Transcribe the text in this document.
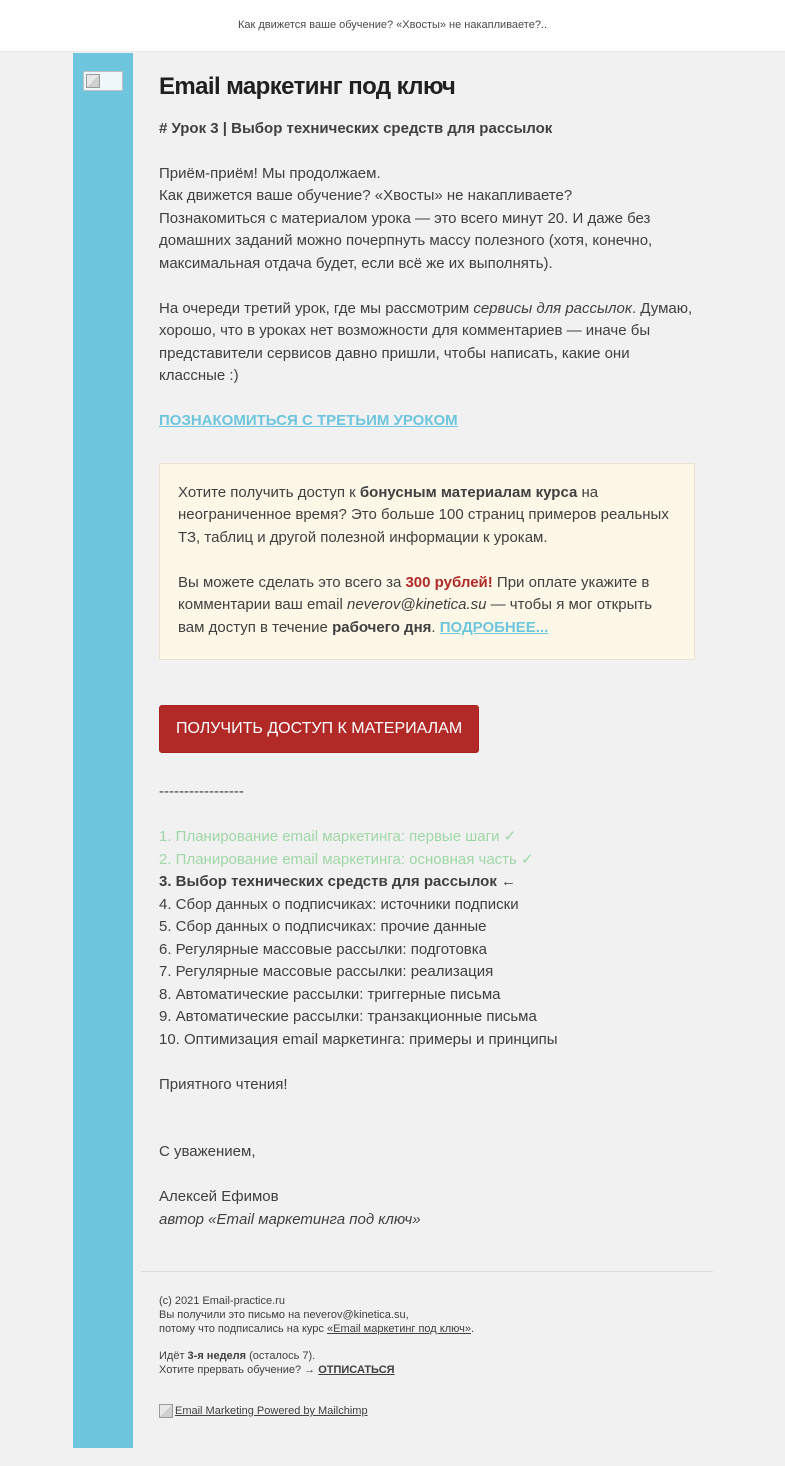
Как движется ваше обучение? «Хвосты» не накапливаете?..
Email маркетинг под ключ
# Урок 3 | Выбор технических средств для рассылок

Приём-приём! Мы продолжаем.
Как движется ваше обучение? «Хвосты» не накапливаете?
Познакомиться с материалом урока — это всего минут 20. И даже без домашних заданий можно почерпнуть массу полезного (хотя, конечно, максимальная отдача будет, если всё же их выполнять).

На очереди третий урок, где мы рассмотрим сервисы для рассылок. Думаю, хорошо, что в уроках нет возможности для комментариев — иначе бы представители сервисов давно пришли, чтобы написать, какие они классные :)

ПОЗНАКОМИТЬСЯ С ТРЕТЬИМ УРОКОМ

Хотите получить доступ к бонусным материалам курса на неограниченное время? Это больше 100 страниц примеров реальных ТЗ, таблиц и другой полезной информации к урокам.

Вы можете сделать это всего за 300 рублей! При оплате укажите в комментарии ваш email neverov@kinetica.su — чтобы я мог открыть вам доступ в течение рабочего дня. ПОДРОБНЕЕ...

ПОЛУЧИТЬ ДОСТУП К МАТЕРИАЛАМ
-----------------
1. Планирование email маркетинга: первые шаги ✓
2. Планирование email маркетинга: основная часть ✓
3. Выбор технических средств для рассылок ←
4. Сбор данных о подписчиках: источники подписки
5. Сбор данных о подписчиках: прочие данные
6. Регулярные массовые рассылки: подготовка
7. Регулярные массовые рассылки: реализация
8. Автоматические рассылки: триггерные письма
9. Автоматические рассылки: транзакционные письма
10. Оптимизация email маркетинга: примеры и принципы

Приятного чтения!

С уважением,

Алексей Ефимов

автор «Email маркетинга под ключ»

(c) 2021 Email-practice.ru
Вы получили это письмо на neverov@kinetica.su,
потому что подписались на курс «Email маркетинг под ключ».
Идёт 3-я неделя (осталось 7).
Хотите прервать обучение? → ОТПИСАТЬСЯ
Email Marketing Powered by Mailchimp
